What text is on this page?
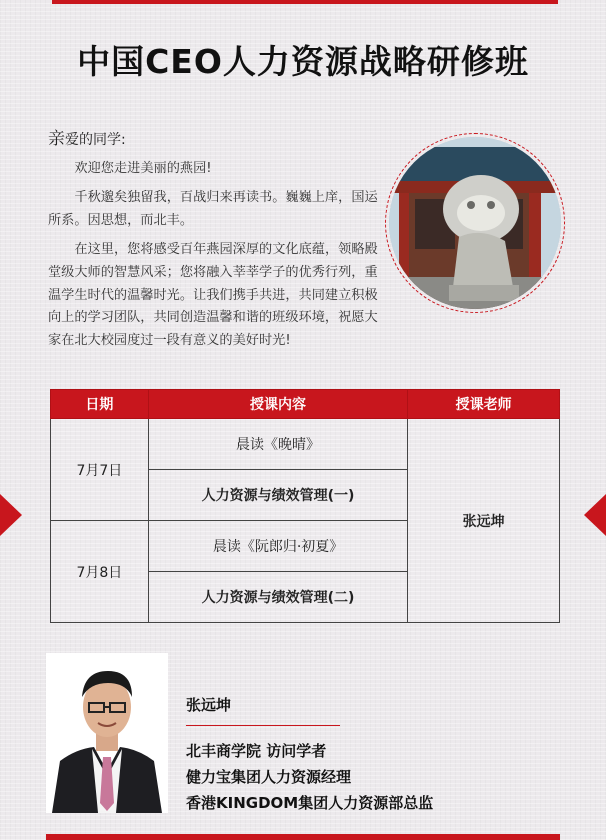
中国CEO人力资源战略研修班
亲爱的同学:

欢迎您走进美丽的燕园!

千秋邈矣独留我，百战归来再读书。巍巍上庠，国运所系。因思想，而北丰。

在这里，您将感受百年燕园深厚的文化底蕴，领略殿堂级大师的智慧风采；您将融入莘莘学子的优秀行列，重温学生时代的温馨时光。让我们携手共进，共同建立积极向上的学习团队，共同创造温馨和谐的班级环境，祝愿大家在北大校园度过一段有意义的美好时光!

日期	授课内容	授课老师
7月7日	晨读《晚晴》	张远坤
	人力资源与绩效管理(一)	
7月8日	晨读《阮郎归·初夏》	
	人力资源与绩效管理(二)	
张远坤
北丰商学院 访问学者
健力宝集团人力资源经理
香港KINGDOM集团人力资源部总监
